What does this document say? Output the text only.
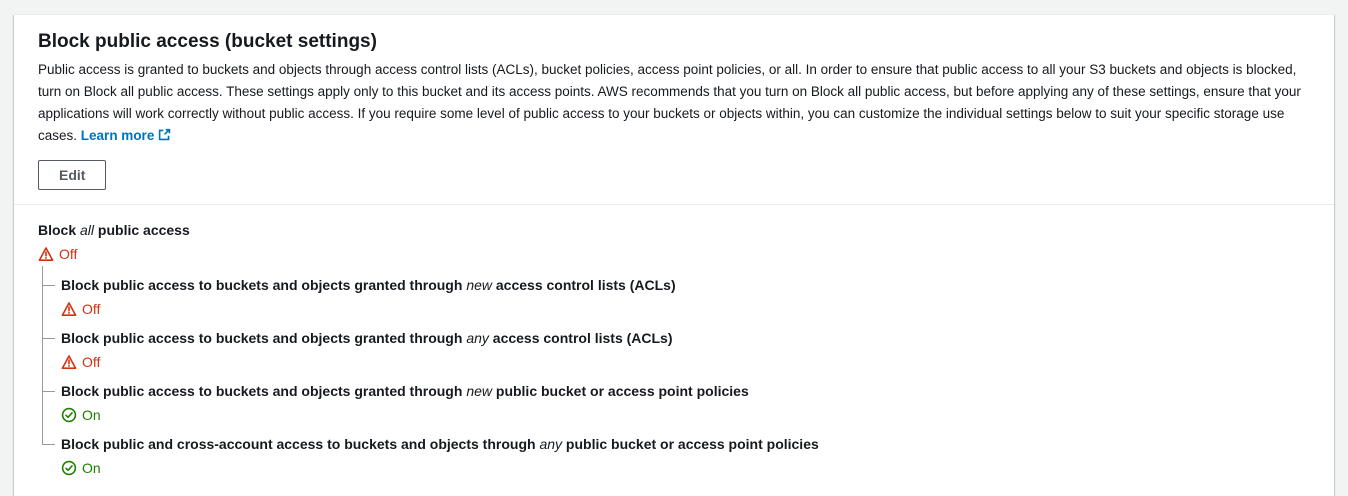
Block public access (bucket settings)

Public access is granted to buckets and objects through access control lists (ACLs), bucket policies, access point policies, or all. In order to ensure that public access to all your S3 buckets and objects is blocked, turn on Block all public access. These settings apply only to this bucket and its access points. AWS recommends that you turn on Block all public access, but before applying any of these settings, ensure that your applications will work correctly without public access. If you require some level of public access to your buckets or objects within, you can customize the individual settings below to suit your specific storage use cases. Learn more

Edit
Block all public access
Off
Block public access to buckets and objects granted through new access control lists (ACLs)
Off
Block public access to buckets and objects granted through any access control lists (ACLs)
Off
Block public access to buckets and objects granted through new public bucket or access point policies
On
Block public and cross-account access to buckets and objects through any public bucket or access point policies
On
